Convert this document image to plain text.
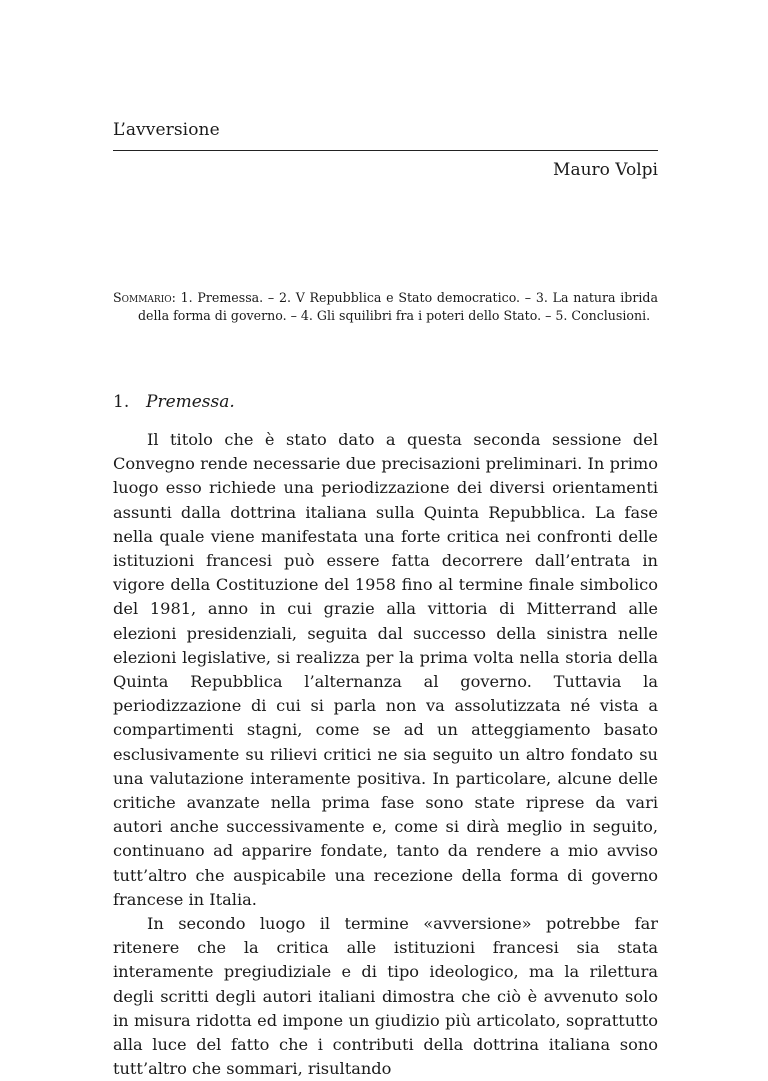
L’avversione
Mauro Volpi
Sommario: 1. Premessa. – 2. V Repubblica e Stato democratico. – 3. La natura ibrida della forma di governo. – 4. Gli squilibri fra i poteri dello Stato. – 5. Conclusioni.
1. Premessa.

Il titolo che è stato dato a questa seconda sessione del Convegno rende necessarie due precisazioni preliminari. In primo luogo esso richiede una periodizzazione dei diversi orientamenti assunti dalla dottrina italiana sulla Quinta Repubblica. La fase nella quale viene manifestata una forte critica nei confronti delle istituzioni francesi può essere fatta decorrere dall’entrata in vigore della Costituzione del 1958 fino al termine finale simbolico del 1981, anno in cui grazie alla vittoria di Mitterrand alle elezioni presidenziali, seguita dal successo della sinistra nelle elezioni legislative, si realizza per la prima volta nella storia della Quinta Repubblica l’alternanza al governo. Tuttavia la periodizzazione di cui si parla non va assolutizzata né vista a compartimenti stagni, come se ad un atteggiamento basato esclusivamente su rilievi critici ne sia seguito un altro fondato su una valutazione interamente positiva. In particolare, alcune delle critiche avanzate nella prima fase sono state riprese da vari autori anche successivamente e, come si dirà meglio in seguito, continuano ad apparire fondate, tanto da rendere a mio avviso tutt’altro che auspicabile una recezione della forma di governo francese in Italia.

In secondo luogo il termine «avversione» potrebbe far ritenere che la critica alle istituzioni francesi sia stata interamente pregiudiziale e di tipo ideologico, ma la rilettura degli scritti degli autori italiani dimostra che ciò è avvenuto solo in misura ridotta ed impone un giudizio più articolato, soprattutto alla luce del fatto che i contributi della dottrina italiana sono tutt’altro che sommari, risultando
